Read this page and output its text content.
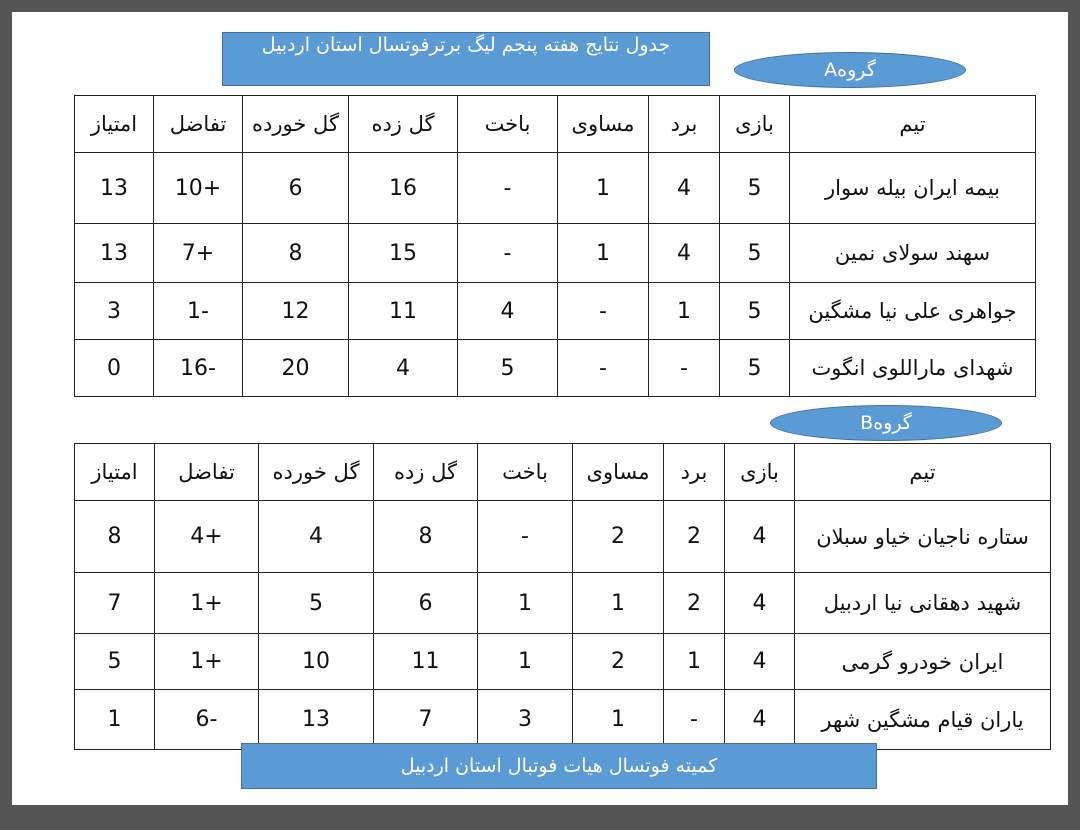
جدول نتایج هفته پنجم لیگ برترفوتسال استان اردبیل
گروهA
تیم	بازی	برد	مساوی	باخت	گل زده	گل خورده	تفاضل	امتیاز
بیمه ایران بیله سوار	5	4	1	-	16	6	+10	13
سهند سولای نمین	5	4	1	-	15	8	+7	13
جواهری علی نیا مشگین	5	1	-	4	11	12	-1	3
شهدای ماراللوی انگوت	5	-	-	5	4	20	-16	0
گروهB
تیم	بازی	برد	مساوی	باخت	گل زده	گل خورده	تفاضل	امتیاز
ستاره ناجیان خیاو سبلان	4	2	2	-	8	4	+4	8
شهید دهقانی نیا اردبیل	4	2	1	1	6	5	+1	7
ایران خودرو گرمی	4	1	2	1	11	10	+1	5
یاران قیام مشگین شهر	4	-	1	3	7	13	-6	1
کمیته فوتسال هیات فوتبال استان اردبیل
